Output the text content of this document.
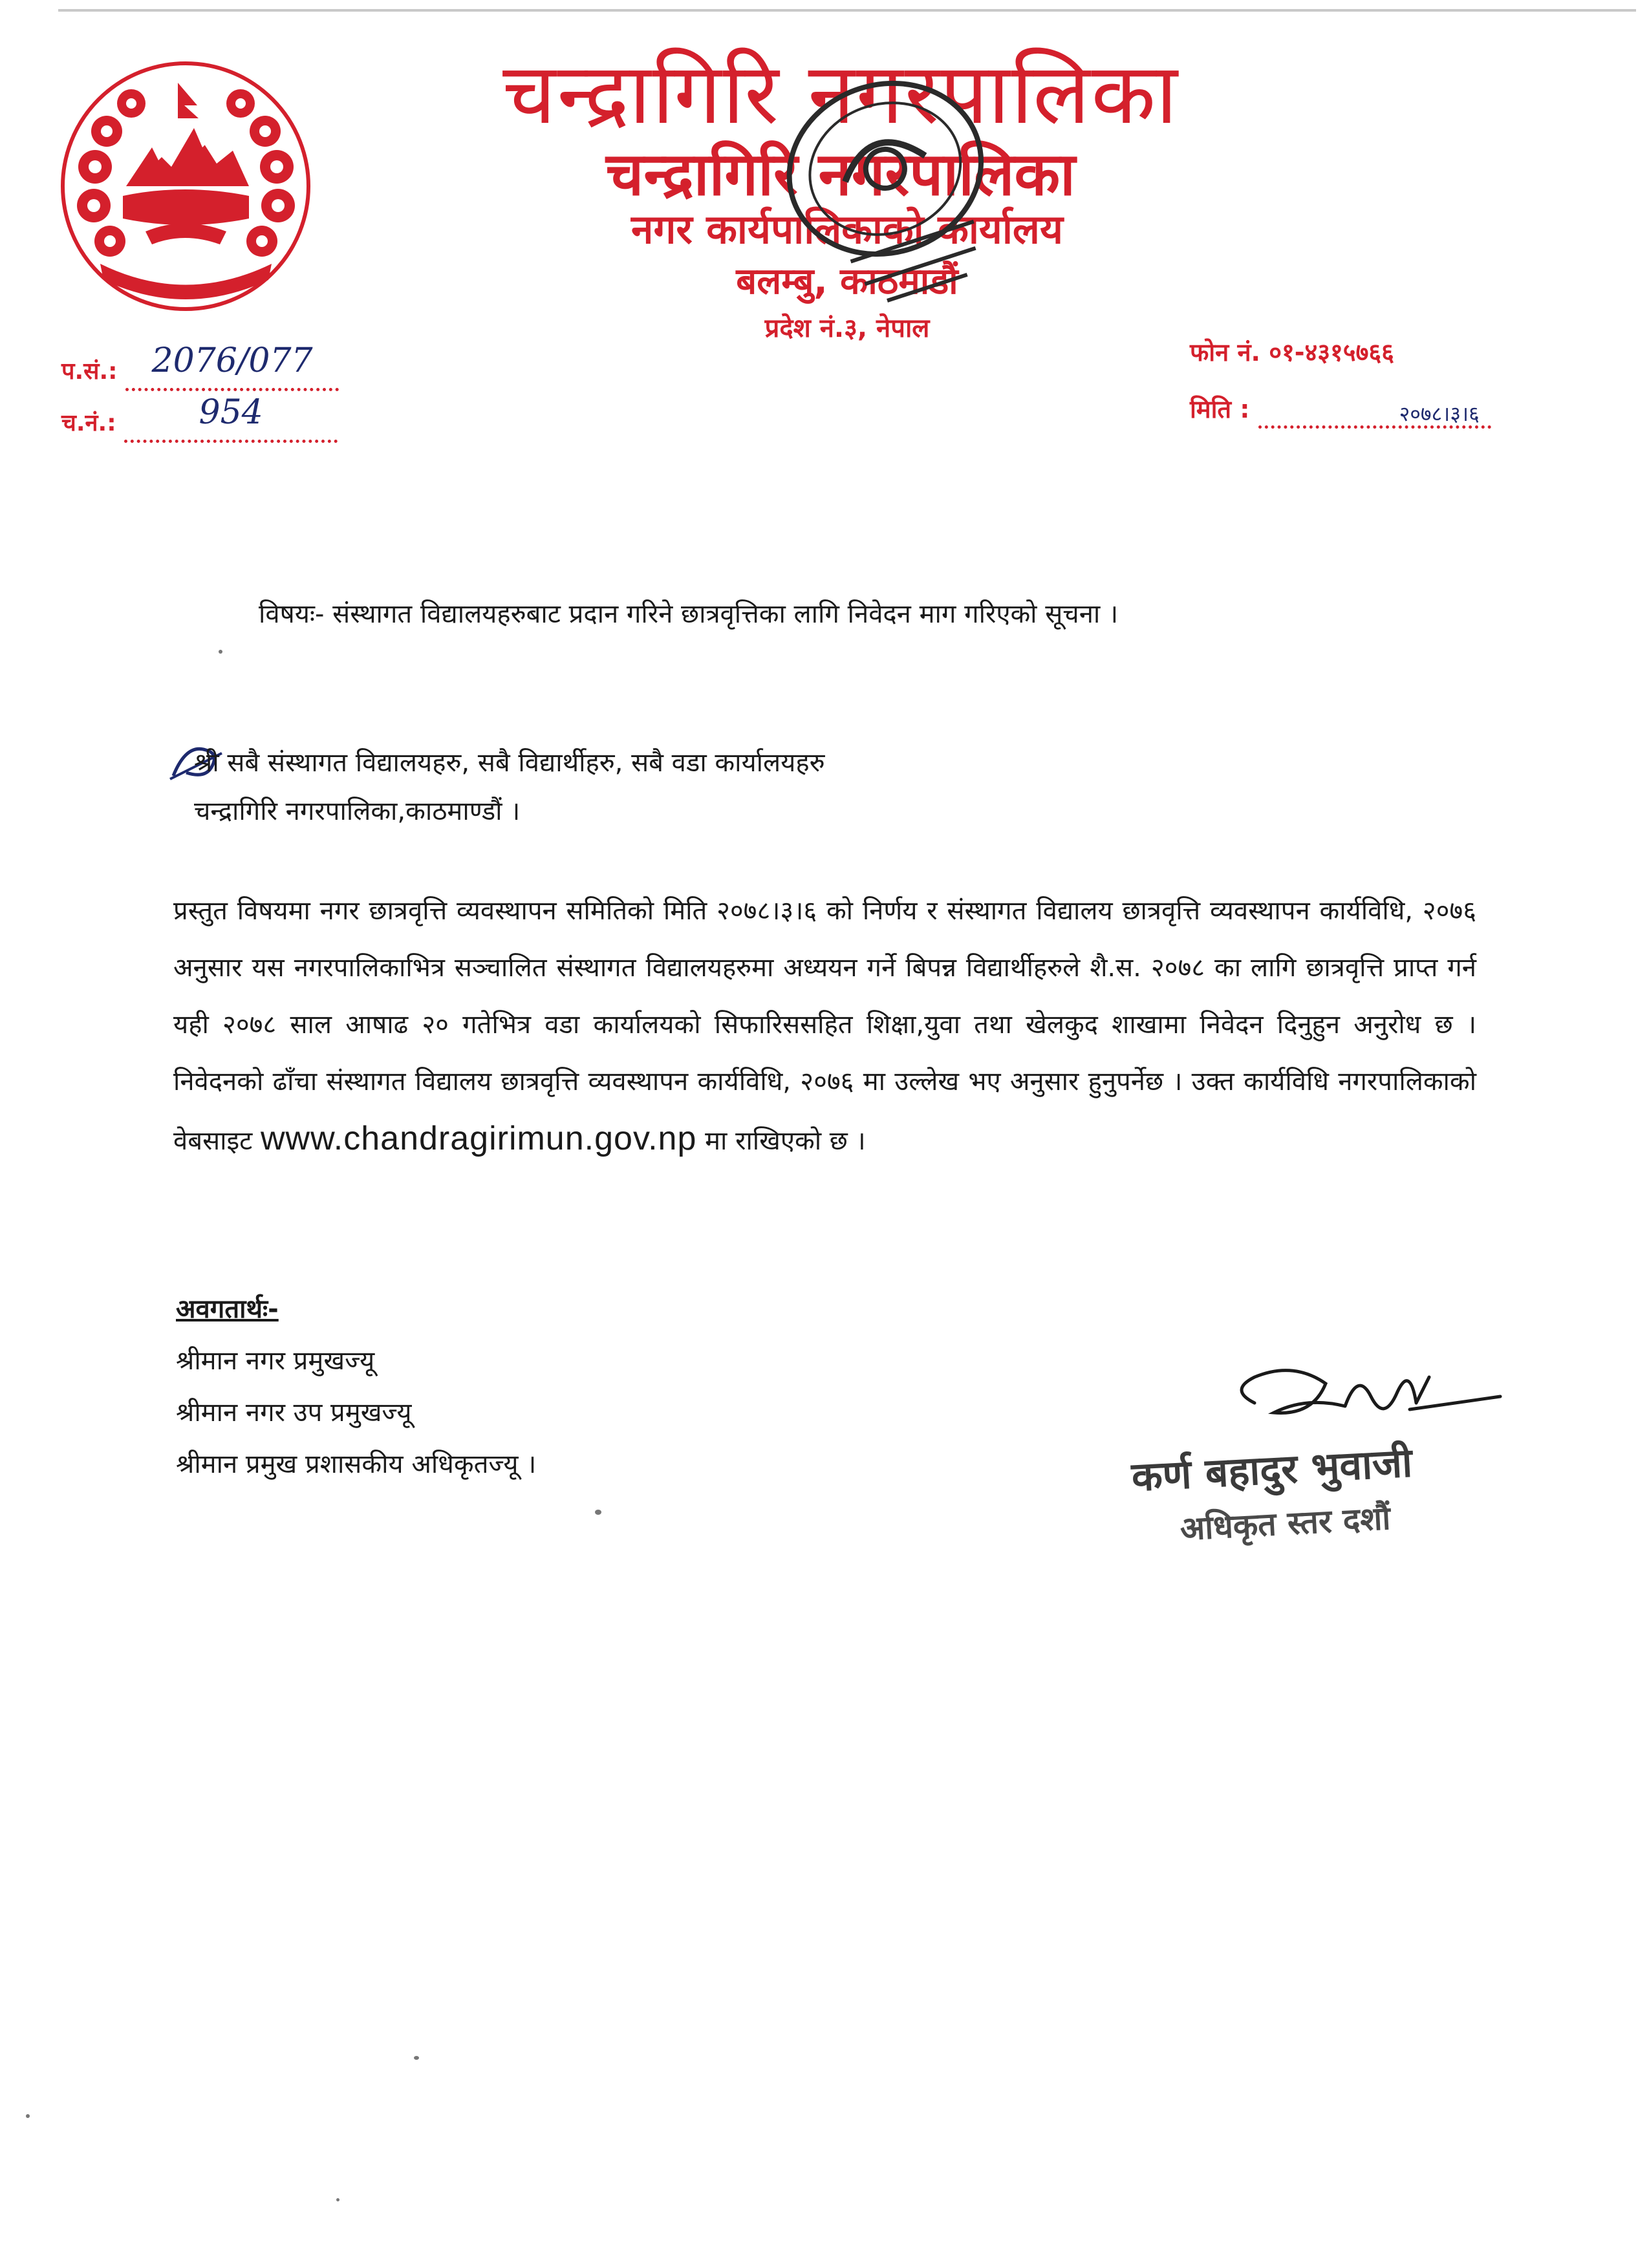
चन्द्रागिरि नगरपालिका
चन्द्रागिरि नगरपालिका
नगर कार्यपालिकाको कार्यालय
बलम्बु, काठमाडौं
प्रदेश नं.३, नेपाल
प.सं.:	2076/077
च.नं.:	954
फोन नं. ०१-४३१५७६६
मिति :	२०७८।३।६
विषयः- संस्थागत विद्यालयहरुबाट प्रदान गरिने छात्रवृत्तिका लागि निवेदन माग गरिएको सूचना ।
श्री सबै संस्थागत विद्यालयहरु, सबै विद्यार्थीहरु, सबै वडा कार्यालयहरु
चन्द्रागिरि नगरपालिका,काठमाण्डौं ।
प्रस्तुत विषयमा नगर छात्रवृत्ति व्यवस्थापन समितिको मिति २०७८।३।६ को निर्णय र संस्थागत विद्यालय छात्रवृत्ति व्यवस्थापन कार्यविधि, २०७६ अनुसार यस नगरपालिकाभित्र सञ्चालित संस्थागत विद्यालयहरुमा अध्ययन गर्ने बिपन्न विद्यार्थीहरुले शै.स. २०७८ का लागि छात्रवृत्ति प्राप्त गर्न यही २०७८ साल आषाढ २० गतेभित्र वडा कार्यालयको सिफारिससहित शिक्षा,युवा तथा खेलकुद शाखामा निवेदन दिनुहुन अनुरोध छ । निवेदनको ढाँचा संस्थागत विद्यालय छात्रवृत्ति व्यवस्थापन कार्यविधि, २०७६ मा उल्लेख भए अनुसार हुनुपर्नेछ । उक्त कार्यविधि नगरपालिकाको वेबसाइट www.chandragirimun.gov.np मा राखिएको छ ।
अवगतार्थः-
श्रीमान नगर प्रमुखज्यू
श्रीमान नगर उप प्रमुखज्यू
श्रीमान प्रमुख प्रशासकीय अधिकृतज्यू ।	कर्ण बहादुर भुवाजी
अधिकृत स्तर दशौं
